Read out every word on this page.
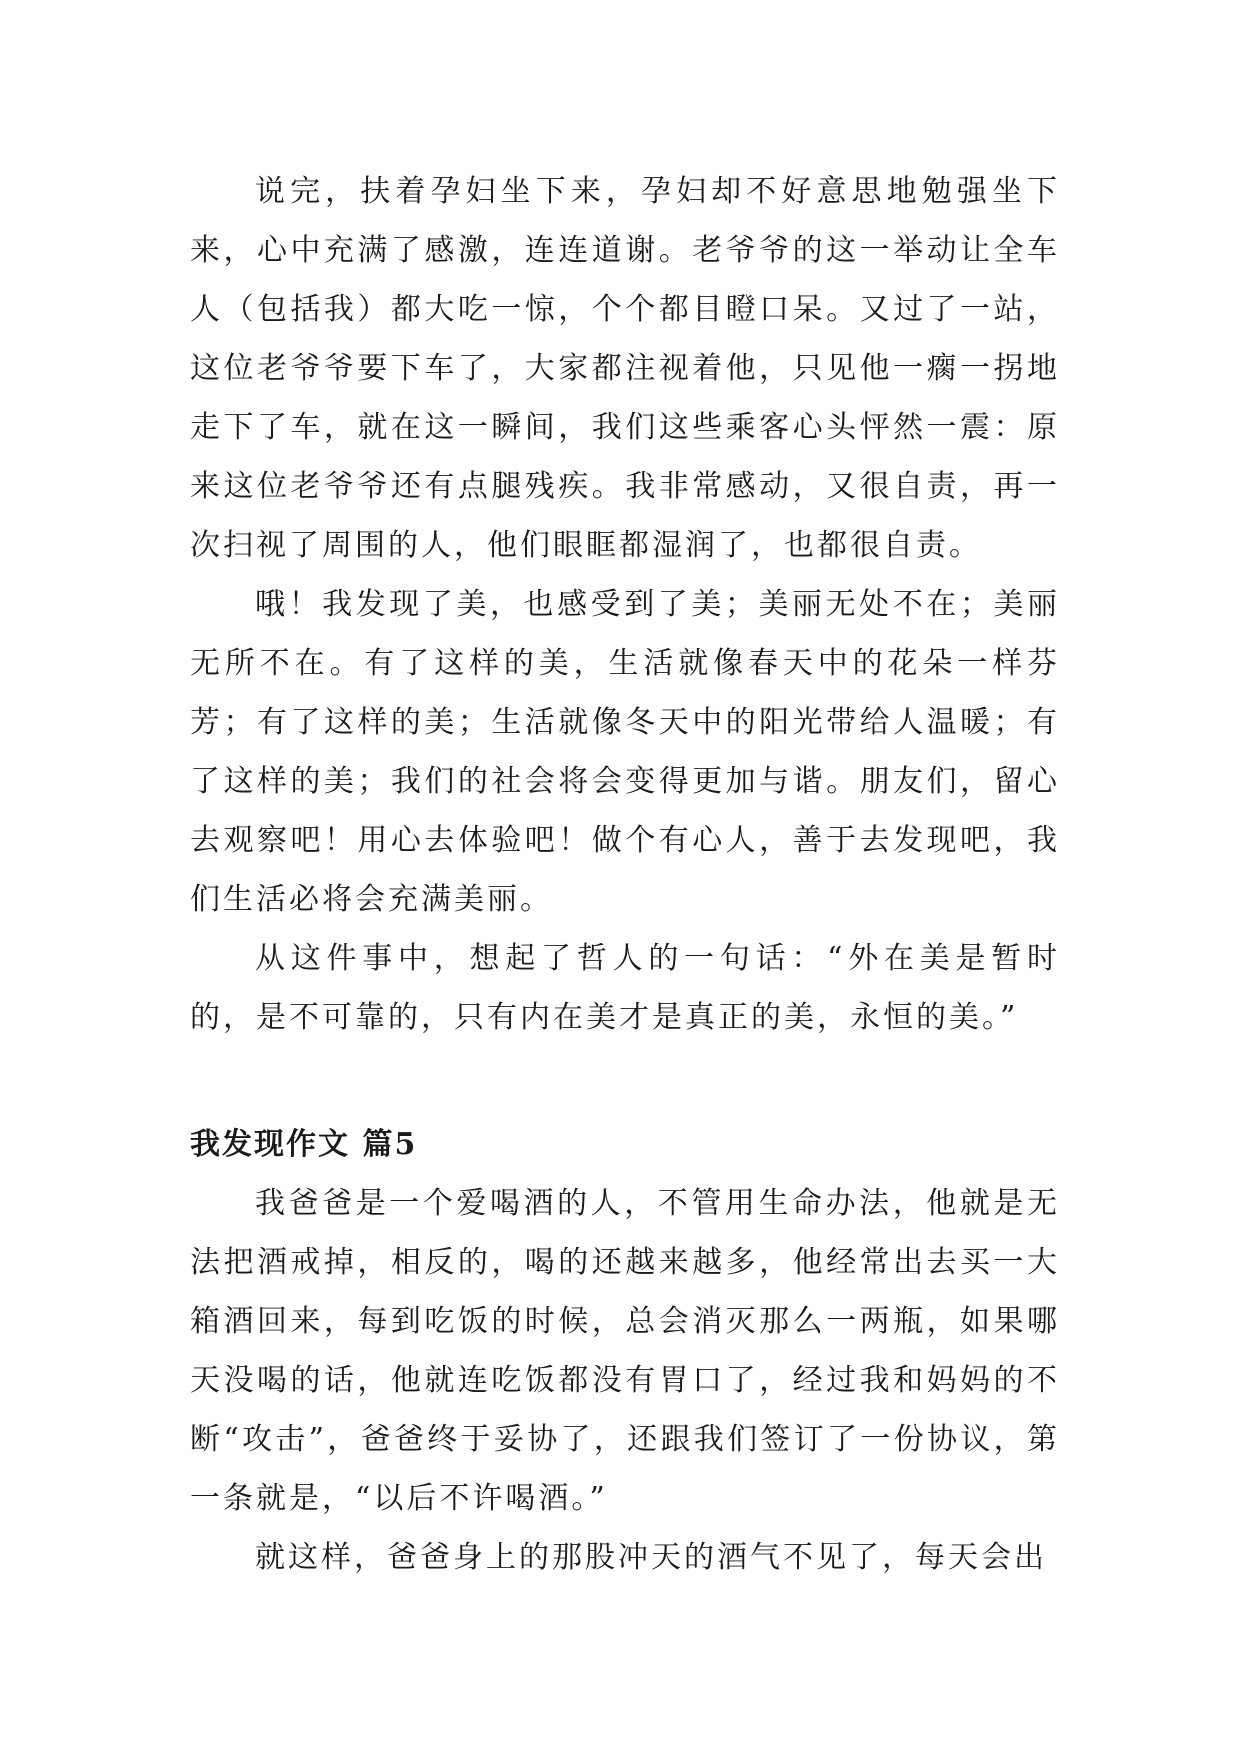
说完，扶着孕妇坐下来，孕妇却不好意思地勉强坐下来，心中充满了感激，连连道谢。老爷爷的这一举动让全车人（包括我）都大吃一惊，个个都目瞪口呆。又过了一站，这位老爷爷要下车了，大家都注视着他，只见他一瘸一拐地走下了车，就在这一瞬间，我们这些乘客心头怦然一震：原来这位老爷爷还有点腿残疾。我非常感动，又很自责，再一次扫视了周围的人，他们眼眶都湿润了，也都很自责。

哦！我发现了美，也感受到了美；美丽无处不在；美丽无所不在。有了这样的美，生活就像春天中的花朵一样芬芳；有了这样的美；生活就像冬天中的阳光带给人温暖；有了这样的美；我们的社会将会变得更加与谐。朋友们，留心去观察吧！用心去体验吧！做个有心人，善于去发现吧，我们生活必将会充满美丽。

从这件事中，想起了哲人的一句话：“外在美是暂时的，是不可靠的，只有内在美才是真正的美，永恒的美。”

我发现作文 篇5

我爸爸是一个爱喝酒的人，不管用生命办法，他就是无法把酒戒掉，相反的，喝的还越来越多，他经常出去买一大箱酒回来，每到吃饭的时候，总会消灭那么一两瓶，如果哪天没喝的话，他就连吃饭都没有胃口了，经过我和妈妈的不断“攻击”，爸爸终于妥协了，还跟我们签订了一份协议，第一条就是，“以后不许喝酒。”

就这样，爸爸身上的那股冲天的酒气不见了，每天会出
